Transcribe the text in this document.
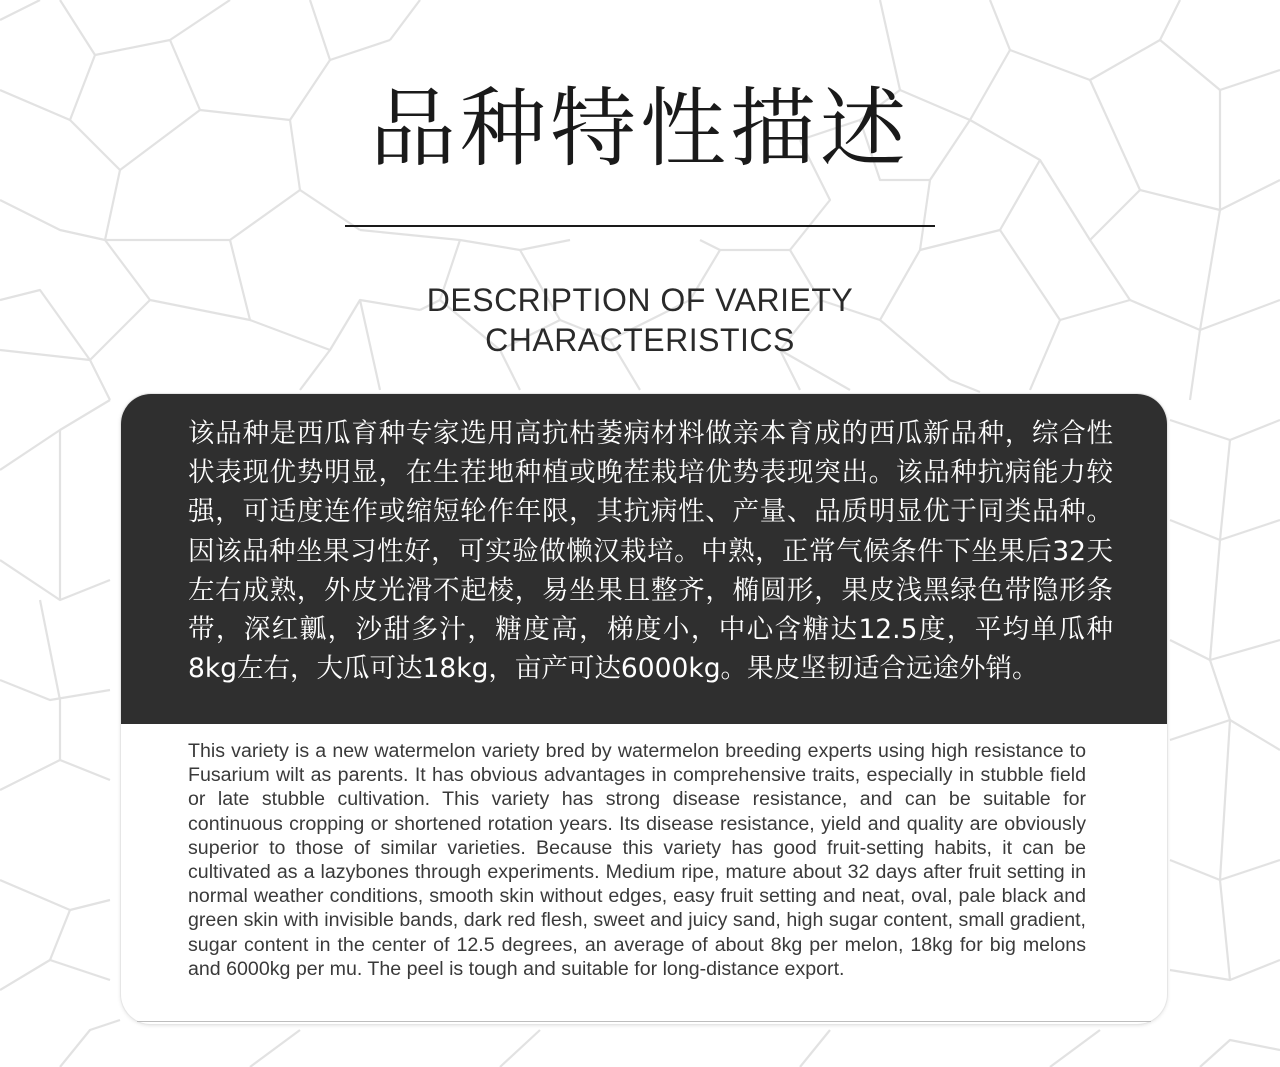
品种特性描述
DESCRIPTION OF VARIETY
CHARACTERISTICS

该品种是西瓜育种专家选用高抗枯萎病材料做亲本育成的西瓜新品种，综合性状表现优势明显，在生茬地种植或晚茬栽培优势表现突出。该品种抗病能力较强，可适度连作或缩短轮作年限，其抗病性、产量、品质明显优于同类品种。因该品种坐果习性好，可实验做懒汉栽培。中熟，正常气候条件下坐果后32天左右成熟，外皮光滑不起棱，易坐果且整齐，椭圆形，果皮浅黑绿色带隐形条带，深红瓤，沙甜多汁，糖度高，梯度小，中心含糖达12.5度，平均单瓜种8kg左右，大瓜可达18kg，亩产可达6000kg。果皮坚韧适合远途外销。

This variety is a new watermelon variety bred by watermelon breeding experts using high resistance to Fusarium wilt as parents. It has obvious advantages in comprehensive traits, especially in stubble field or late stubble cultivation. This variety has strong disease resistance, and can be suitable for continuous cropping or shortened rotation years. Its disease resistance, yield and quality are obviously superior to those of similar varieties. Because this variety has good fruit-setting habits, it can be cultivated as a lazybones through experiments. Medium ripe, mature about 32 days after fruit setting in normal weather conditions, smooth skin without edges, easy fruit setting and neat, oval, pale black and green skin with invisible bands, dark red flesh, sweet and juicy sand, high sugar content, small gradient, sugar content in the center of 12.5 degrees, an average of about 8kg per melon, 18kg for big melons and 6000kg per mu. The peel is tough and suitable for long-distance export.
